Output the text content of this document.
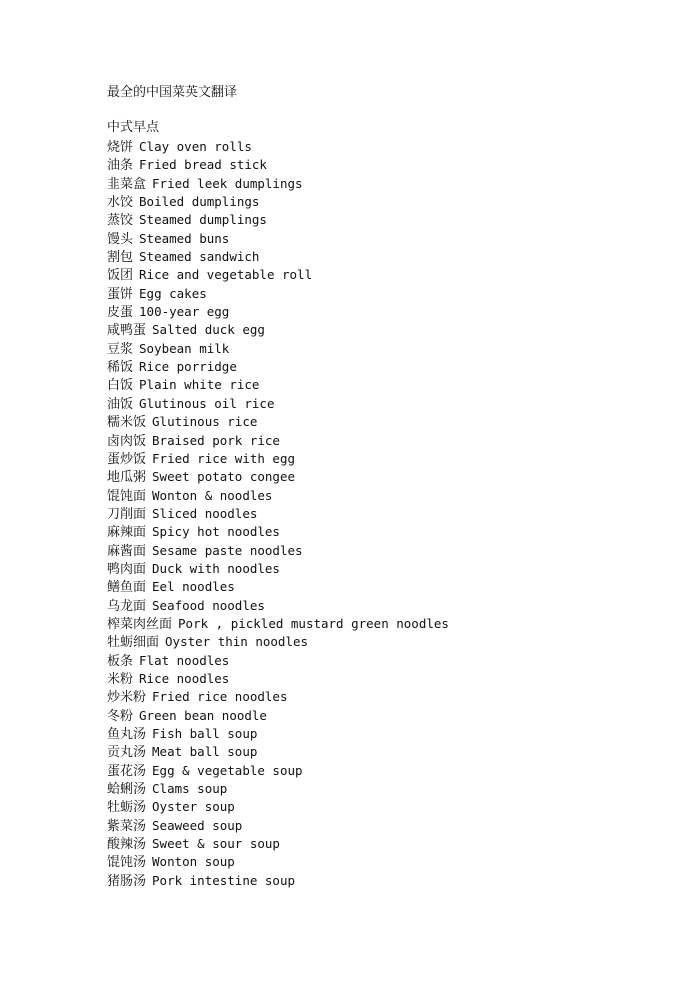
最全的中国菜英文翻译
中式早点
烧饼 Clay oven rolls
油条 Fried bread stick
韭菜盒 Fried leek dumplings
水饺 Boiled dumplings
蒸饺 Steamed dumplings
馒头 Steamed buns
割包 Steamed sandwich
饭团 Rice and vegetable roll
蛋饼 Egg cakes
皮蛋 100-year egg
咸鸭蛋 Salted duck egg
豆浆 Soybean milk
稀饭 Rice porridge
白饭 Plain white rice
油饭 Glutinous oil rice
糯米饭 Glutinous rice
卤肉饭 Braised pork rice
蛋炒饭 Fried rice with egg
地瓜粥 Sweet potato congee
馄饨面 Wonton & noodles
刀削面 Sliced noodles
麻辣面 Spicy hot noodles
麻酱面 Sesame paste noodles
鸭肉面 Duck with noodles
鳝鱼面 Eel noodles
乌龙面 Seafood noodles
榨菜肉丝面 Pork , pickled mustard green noodles
牡蛎细面 Oyster thin noodles
板条 Flat noodles
米粉 Rice noodles
炒米粉 Fried rice noodles
冬粉 Green bean noodle
鱼丸汤 Fish ball soup
贡丸汤 Meat ball soup
蛋花汤 Egg & vegetable soup
蛤蜊汤 Clams soup
牡蛎汤 Oyster soup
紫菜汤 Seaweed soup
酸辣汤 Sweet & sour soup
馄饨汤 Wonton soup
猪肠汤 Pork intestine soup
